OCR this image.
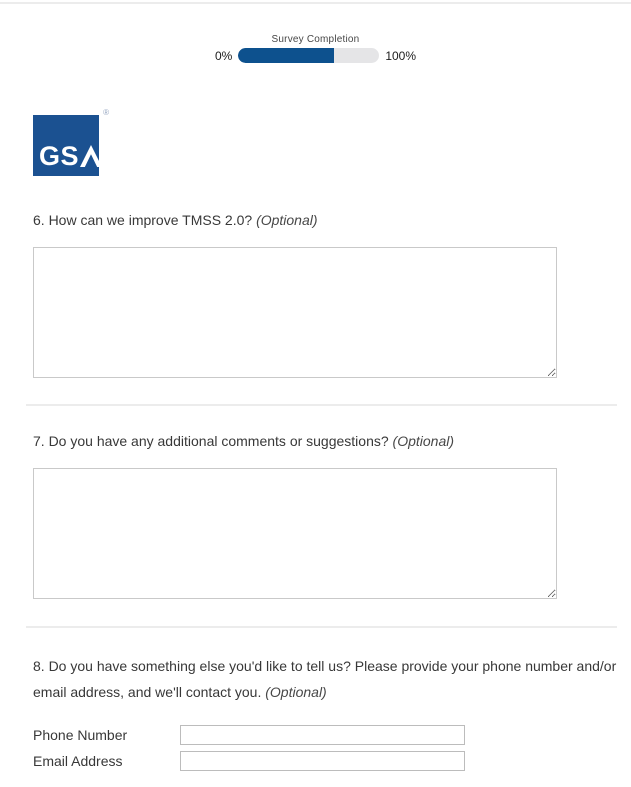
Survey Completion
0%	100%
GS
®
6. How can we improve TMSS 2.0? (Optional)
7. Do you have any additional comments or suggestions? (Optional)
8. Do you have something else you'd like to tell us? Please provide your phone number and/or email address, and we'll contact you. (Optional)
Phone Number
Email Address
